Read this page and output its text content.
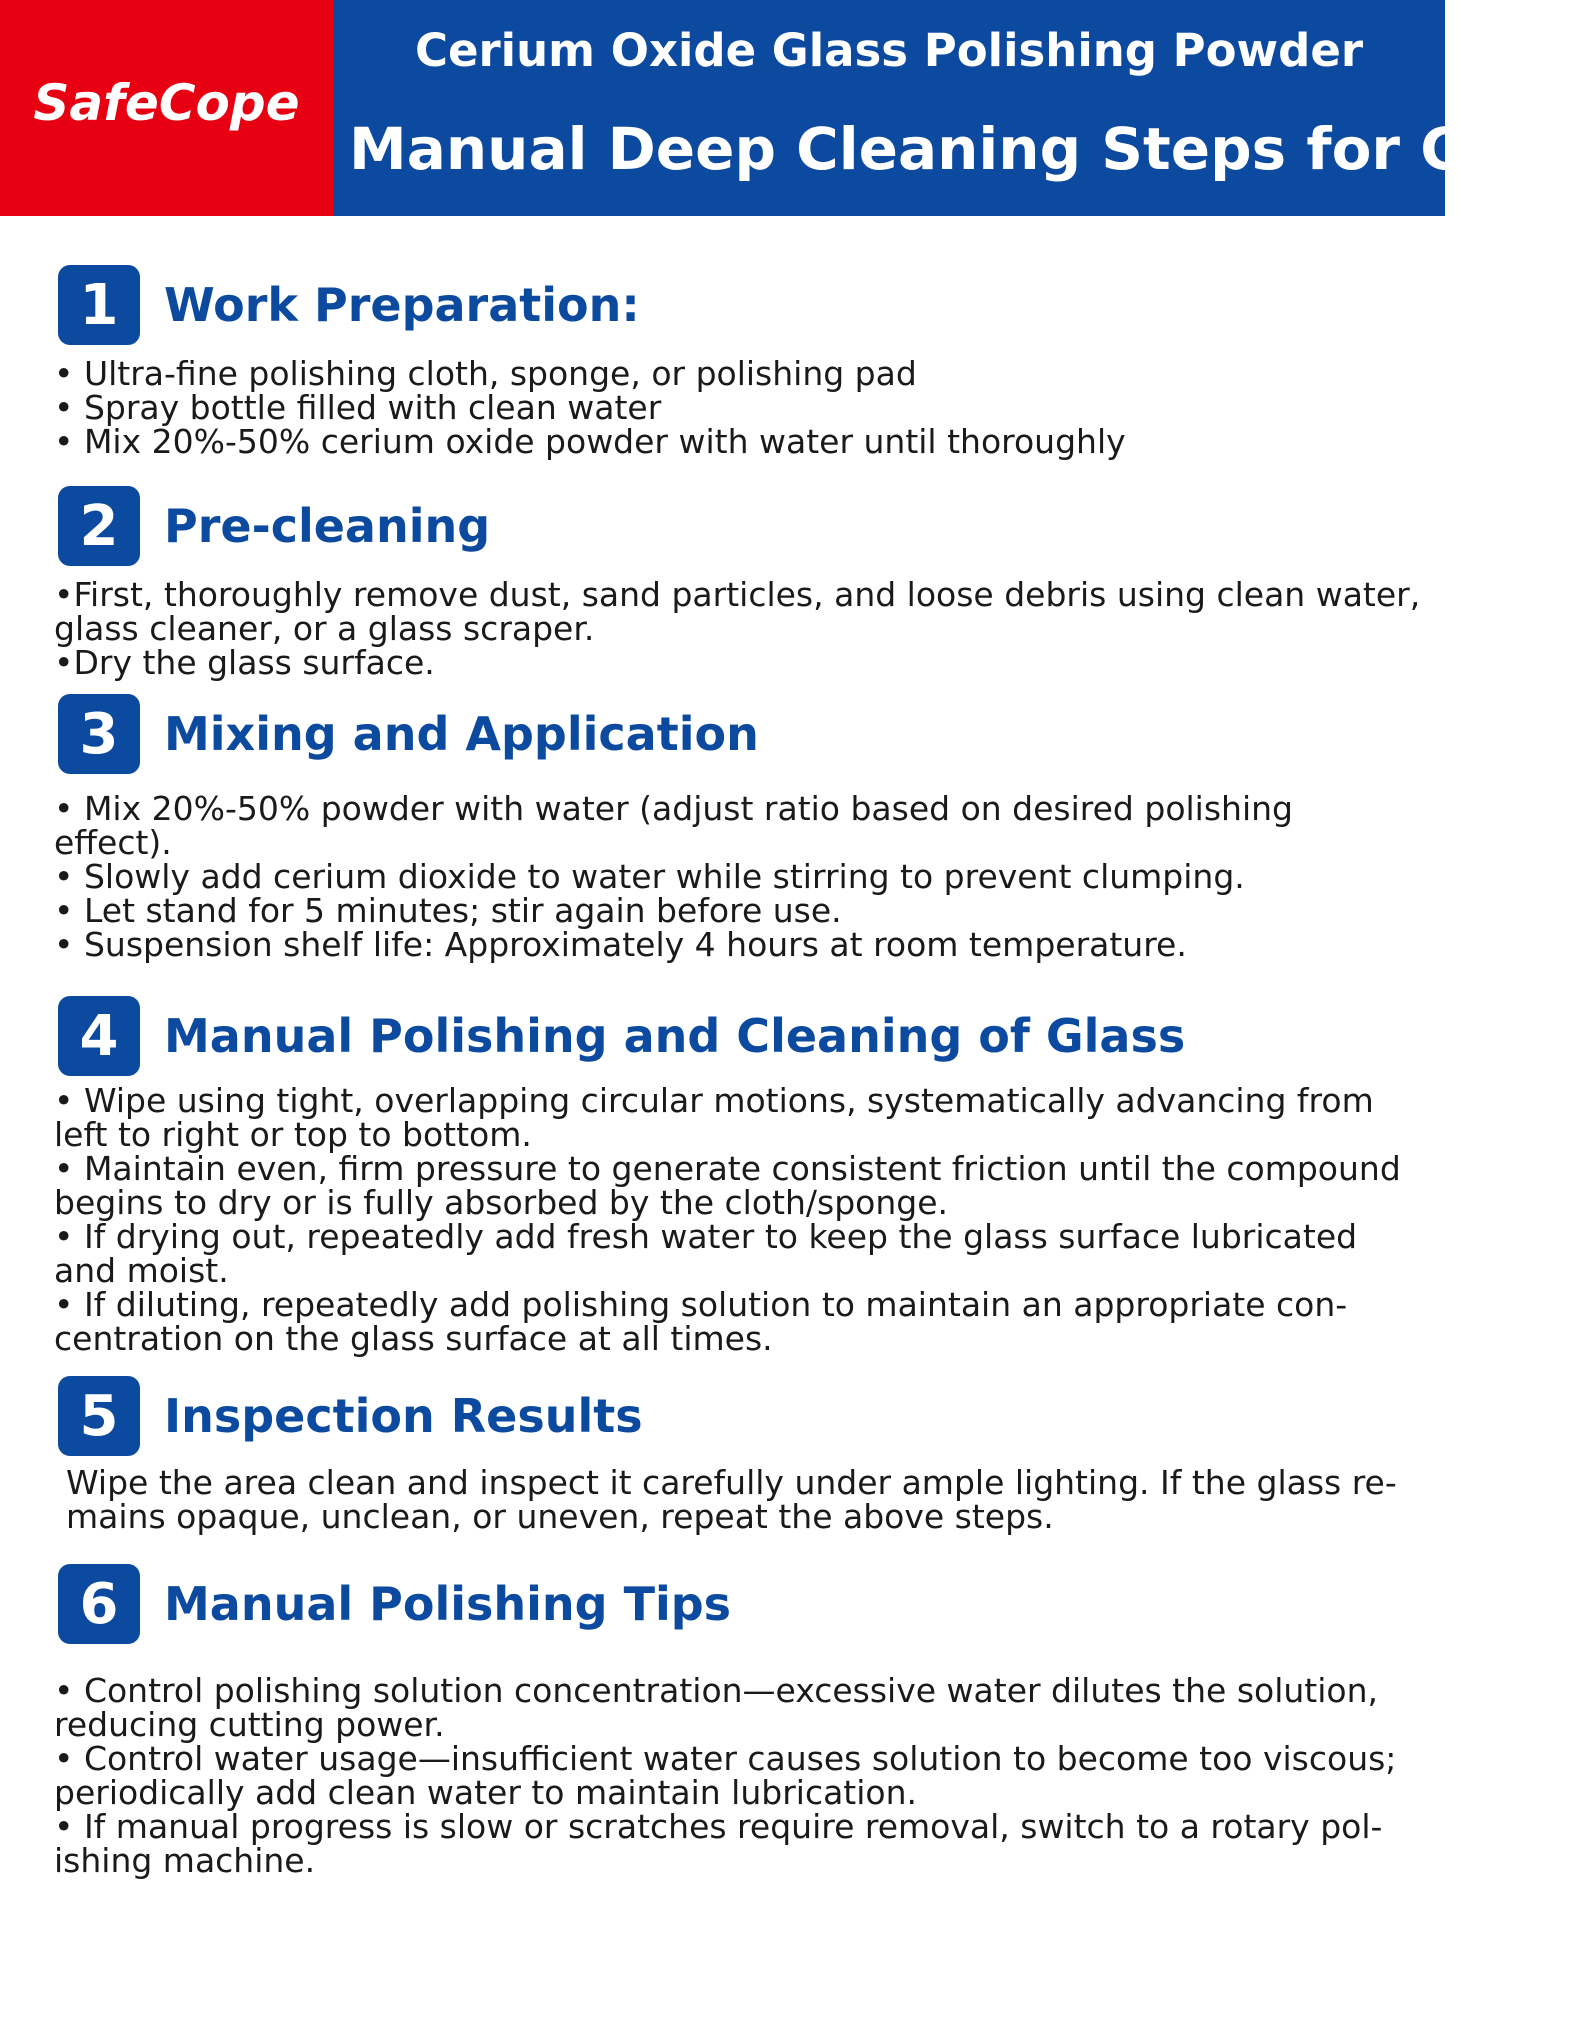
SafeCope
Cerium Oxide Glass Polishing Powder
Manual Deep Cleaning Steps for Glass
1 Work Preparation:

• Ultra-fine polishing cloth, sponge, or polishing pad

• Spray bottle filled with clean water

• Mix 20%-50% cerium oxide powder with water until thoroughly

2 Pre-cleaning

•First, thoroughly remove dust, sand particles, and loose debris using clean water,

glass cleaner, or a glass scraper.

•Dry the glass surface.

3 Mixing and Application

• Mix 20%-50% powder with water (adjust ratio based on desired polishing

effect).

• Slowly add cerium dioxide to water while stirring to prevent clumping.

• Let stand for 5 minutes; stir again before use.

• Suspension shelf life: Approximately 4 hours at room temperature.

4 Manual Polishing and Cleaning of Glass

• Wipe using tight, overlapping circular motions, systematically advancing from

left to right or top to bottom.

• Maintain even, firm pressure to generate consistent friction until the compound

begins to dry or is fully absorbed by the cloth/sponge.

• If drying out, repeatedly add fresh water to keep the glass surface lubricated

and moist.

• If diluting, repeatedly add polishing solution to maintain an appropriate con-

centration on the glass surface at all times.

5 Inspection Results

Wipe the area clean and inspect it carefully under ample lighting. If the glass re-

mains opaque, unclean, or uneven, repeat the above steps.

6 Manual Polishing Tips

• Control polishing solution concentration—excessive water dilutes the solution,

reducing cutting power.

• Control water usage—insufficient water causes solution to become too viscous;

periodically add clean water to maintain lubrication.

• If manual progress is slow or scratches require removal, switch to a rotary pol-

ishing machine.
